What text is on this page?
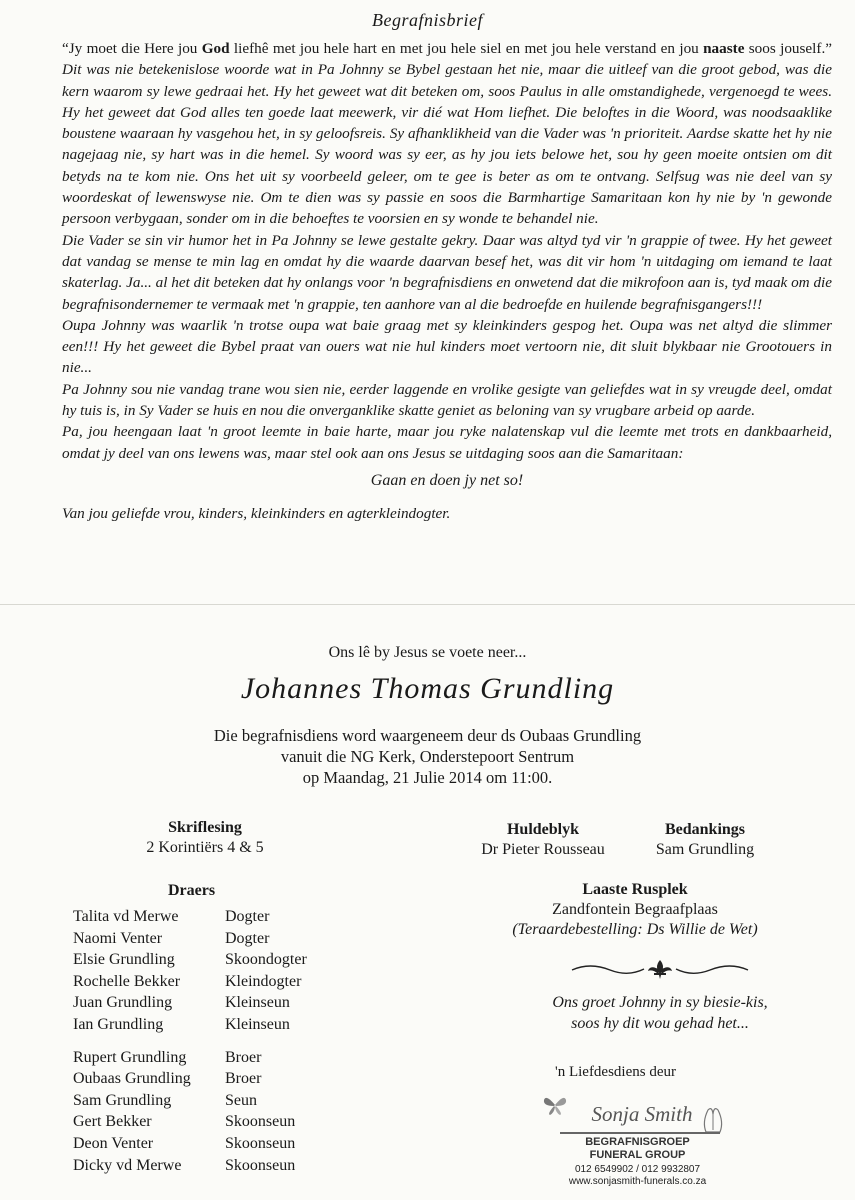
Begrafnisbrief

“Jy moet die Here jou God liefhê met jou hele hart en met jou hele siel en met jou hele verstand en jou naaste soos jouself.” Dit was nie betekenislose woorde wat in Pa Johnny se Bybel gestaan het nie, maar die uitleef van die groot gebod, was die kern waarom sy lewe gedraai het. Hy het geweet wat dit beteken om, soos Paulus in alle omstandighede, vergenoegd te wees. Hy het geweet dat God alles ten goede laat meewerk, vir dié wat Hom liefhet. Die beloftes in die Woord, was noodsaaklike boustene waaraan hy vasgehou het, in sy geloofsreis. Sy afhanklikheid van die Vader was 'n prioriteit. Aardse skatte het hy nie nagejaag nie, sy hart was in die hemel. Sy woord was sy eer, as hy jou iets belowe het, sou hy geen moeite ontsien om dit betyds na te kom nie. Ons het uit sy voorbeeld geleer, om te gee is beter as om te ontvang. Selfsug was nie deel van sy woordeskat of lewenswyse nie. Om te dien was sy passie en soos die Barmhartige Samaritaan kon hy nie by 'n gewonde persoon verbygaan, sonder om in die behoeftes te voorsien en sy wonde te behandel nie.

Die Vader se sin vir humor het in Pa Johnny se lewe gestalte gekry. Daar was altyd tyd vir 'n grappie of twee. Hy het geweet dat vandag se mense te min lag en omdat hy die waarde daarvan besef het, was dit vir hom 'n uitdaging om iemand te laat skaterlag. Ja... al het dit beteken dat hy onlangs voor 'n begrafnisdiens en onwetend dat die mikrofoon aan is, tyd maak om die begrafnisondernemer te vermaak met 'n grappie, ten aanhore van al die bedroefde en huilende begrafnisgangers!!!

Oupa Johnny was waarlik 'n trotse oupa wat baie graag met sy kleinkinders gespog het. Oupa was net altyd die slimmer een!!! Hy het geweet die Bybel praat van ouers wat nie hul kinders moet vertoorn nie, dit sluit blykbaar nie Grootouers in nie...

Pa Johnny sou nie vandag trane wou sien nie, eerder laggende en vrolike gesigte van geliefdes wat in sy vreugde deel, omdat hy tuis is, in Sy Vader se huis en nou die onverganklike skatte geniet as beloning van sy vrugbare arbeid op aarde.

Pa, jou heengaan laat 'n groot leemte in baie harte, maar jou ryke nalatenskap vul die leemte met trots en dankbaarheid, omdat jy deel van ons lewens was, maar stel ook aan ons Jesus se uitdaging soos aan die Samaritaan:

Gaan en doen jy net so!

Van jou geliefde vrou, kinders, kleinkinders en agterkleindogter.

Ons lê by Jesus se voete neer...
Johannes Thomas Grundling
Die begrafnisdiens word waargeneem deur ds Oubaas Grundling
vanuit die NG Kerk, Onderstepoort Sentrum
op Maandag, 21 Julie 2014 om 11:00.
Skriflesing
2 Korintiërs 4 & 5
Huldeblyk
Dr Pieter Rousseau
Bedankings
Sam Grundling
Draers
Talita vd Merwe	Dogter
Naomi Venter	Dogter
Elsie Grundling	Skoondogter
Rochelle Bekker	Kleindogter
Juan Grundling	Kleinseun
Ian Grundling	Kleinseun
Rupert Grundling	Broer
Oubaas Grundling	Broer
Sam Grundling	Seun
Gert Bekker	Skoonseun
Deon Venter	Skoonseun
Dicky vd Merwe	Skoonseun
Laaste Rusplek
Zandfontein Begraafplaas
(Teraardebestelling: Ds Willie de Wet)
Ons groet Johnny in sy biesie-kis,
soos hy dit wou gehad het...
'n Liefdesdiens deur
Sonja Smith
BEGRAFNISGROEP
FUNERAL GROUP
012 6549902 / 012 9932807
www.sonjasmith-funerals.co.za
